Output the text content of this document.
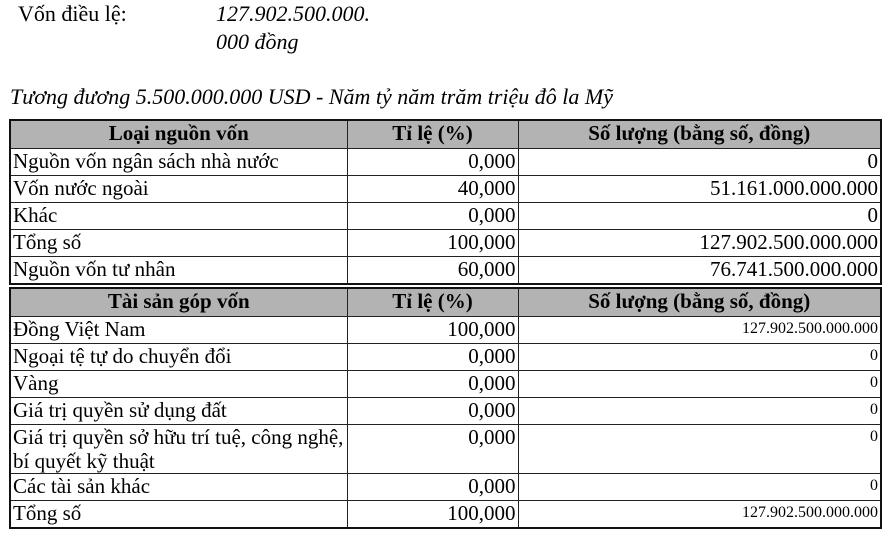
Vốn điều lệ:	127.902.500.000.
000 đồng
Tương đương 5.500.000.000 USD - Năm tỷ năm trăm triệu đô la Mỹ
Loại nguồn vốn	Tỉ lệ (%)	Số lượng (bằng số, đồng)
Nguồn vốn ngân sách nhà nước	0,000	0
Vốn nước ngoài	40,000	51.161.000.000.000
Khác	0,000	0
Tổng số	100,000	127.902.500.000.000
Nguồn vốn tư nhân	60,000	76.741.500.000.000
Tài sản góp vốn	Tỉ lệ (%)	Số lượng (bằng số, đồng)
Đồng Việt Nam	100,000	127.902.500.000.000
Ngoại tệ tự do chuyển đổi	0,000	0
Vàng	0,000	0
Giá trị quyền sử dụng đất	0,000	0
Giá trị quyền sở hữu trí tuệ, công nghệ, bí quyết kỹ thuật	0,000	0
Các tài sản khác	0,000	0
Tổng số	100,000	127.902.500.000.000
